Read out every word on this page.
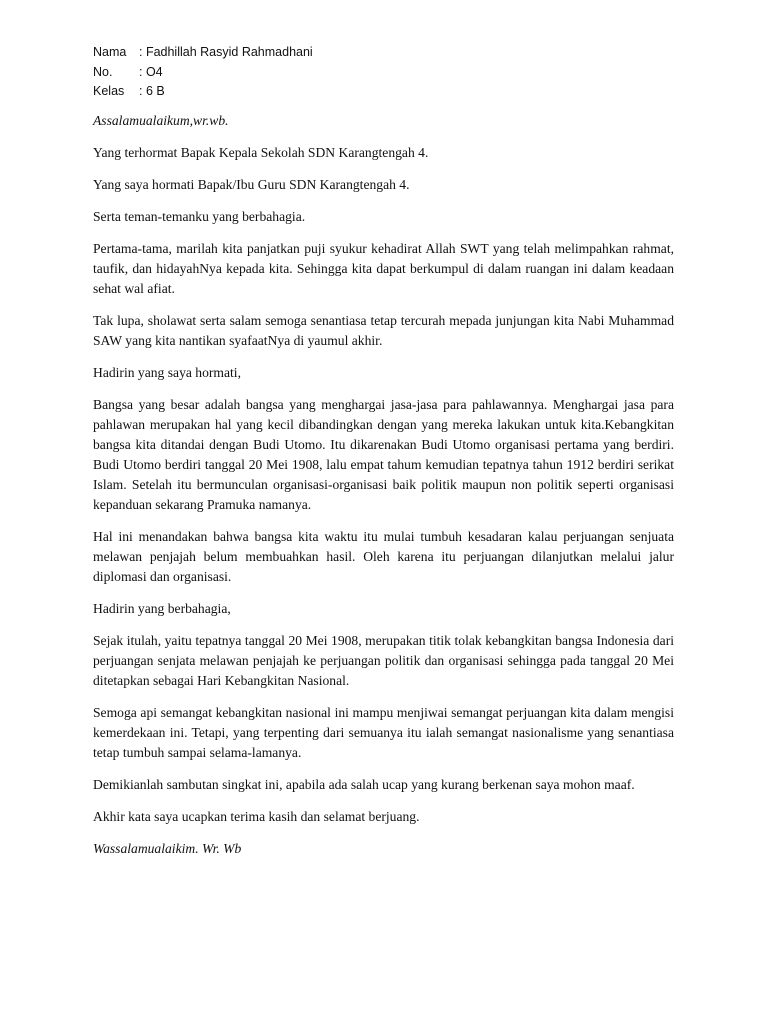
Nama	: Fadhillah Rasyid Rahmadhani
No.	: O4
Kelas	: 6 B

Assalamualaikum,wr.wb.

Yang terhormat Bapak Kepala Sekolah SDN Karangtengah 4.

Yang saya hormati Bapak/Ibu Guru SDN Karangtengah 4.

Serta teman-temanku yang berbahagia.

Pertama-tama, marilah kita panjatkan puji syukur kehadirat Allah SWT yang telah melimpahkan rahmat, taufik, dan hidayahNya kepada kita. Sehingga kita dapat berkumpul di dalam ruangan ini dalam keadaan sehat wal afiat.

Tak lupa, sholawat serta salam semoga senantiasa tetap tercurah mepada junjungan kita Nabi Muhammad SAW yang kita nantikan syafaatNya di yaumul akhir.

Hadirin yang saya hormati,

Bangsa yang besar adalah bangsa yang menghargai jasa-jasa para pahlawannya. Menghargai jasa para pahlawan merupakan hal yang kecil dibandingkan dengan yang mereka lakukan untuk kita.Kebangkitan bangsa kita ditandai dengan Budi Utomo. Itu dikarenakan Budi Utomo organisasi pertama yang berdiri. Budi Utomo berdiri tanggal 20 Mei 1908, lalu empat tahum kemudian tepatnya tahun 1912 berdiri serikat Islam. Setelah itu bermunculan organisasi-organisasi baik politik maupun non politik seperti organisasi kepanduan sekarang Pramuka namanya.

Hal ini menandakan bahwa bangsa kita waktu itu mulai tumbuh kesadaran kalau perjuangan senjuata melawan penjajah belum membuahkan hasil. Oleh karena itu perjuangan dilanjutkan melalui jalur diplomasi dan organisasi.

Hadirin yang berbahagia,

Sejak itulah, yaitu tepatnya tanggal 20 Mei 1908, merupakan titik tolak kebangkitan bangsa Indonesia dari perjuangan senjata melawan penjajah ke perjuangan politik dan organisasi sehingga pada tanggal 20 Mei ditetapkan sebagai Hari Kebangkitan Nasional.

Semoga api semangat kebangkitan nasional ini mampu menjiwai semangat perjuangan kita dalam mengisi kemerdekaan ini. Tetapi, yang terpenting dari semuanya itu ialah semangat nasionalisme yang senantiasa tetap tumbuh sampai selama-lamanya.

Demikianlah sambutan singkat ini, apabila ada salah ucap yang kurang berkenan saya mohon maaf.

Akhir kata saya ucapkan terima kasih dan selamat berjuang.

Wassalamualaikim. Wr. Wb
